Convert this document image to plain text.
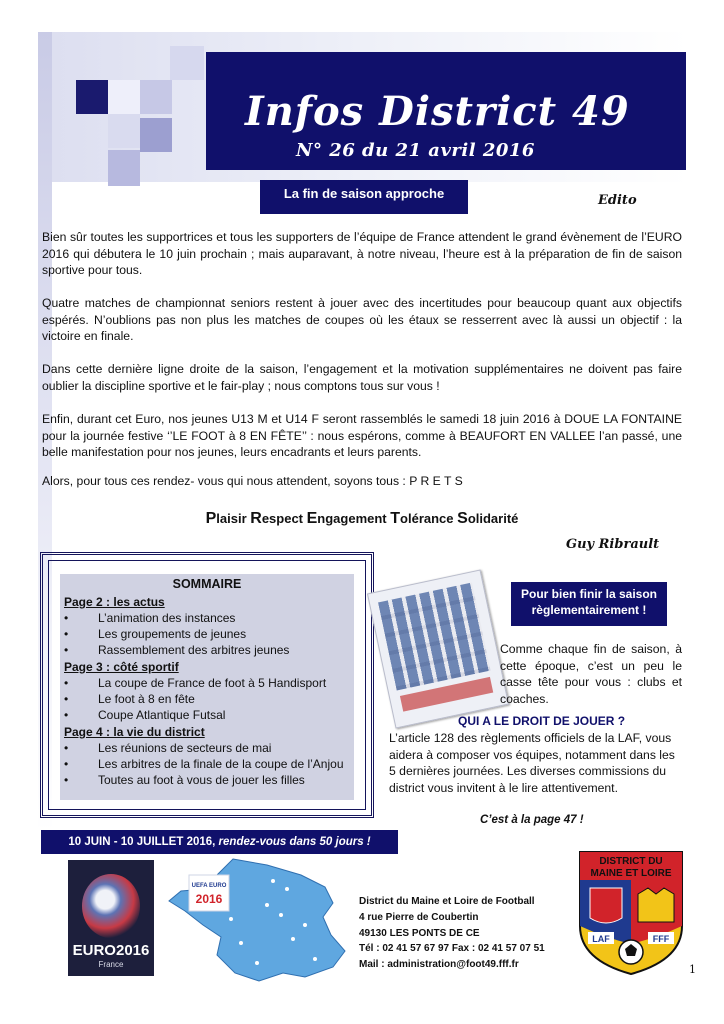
Infos District 49
N° 26 du 21 avril 2016
La fin de saison approche	Edito

Bien sûr toutes les supportrices et tous les supporters de l’équipe de France attendent le grand évènement de l’EURO 2016 qui débutera le 10 juin prochain ; mais auparavant, à notre niveau, l’heure est à la préparation de fin de saison sportive pour tous.

Quatre matches de championnat seniors restent à jouer avec des incertitudes pour beaucoup quant aux objectifs espérés. N’oublions pas non plus les matches de coupes où les étaux se resserrent avec là aussi un objectif : la victoire en finale.

Dans cette dernière ligne droite de la saison, l’engagement et la motivation supplémentaires ne doivent pas faire oublier la discipline sportive et le fair-play ; nous comptons tous sur vous !

Enfin, durant cet Euro, nos jeunes U13 M et U14 F seront rassemblés le samedi 18 juin 2016 à DOUE LA FONTAINE pour la journée festive ‘’LE FOOT à 8 EN FÊTE’’ : nous espérons, comme à BEAUFORT EN VALLEE l’an passé, une belle manifestation pour nos jeunes, leurs encadrants et leurs parents.

Alors, pour tous ces rendez- vous qui nous attendent, soyons tous : P R E T S

Plaisir Respect Engagement Tolérance Solidarité
Guy Ribrault
SOMMAIRE
Page 2 : les actus
L’animation des instances
Les groupements de jeunes
Rassemblement des arbitres jeunes
Page 3 : côté sportif
La coupe de France de foot à 5 Handisport
Le foot à 8 en fête
Coupe Atlantique Futsal
Page 4 : la vie du district
Les réunions de secteurs de mai
Les arbitres de la finale de la coupe de l’Anjou
Toutes au foot à vous de jouer les filles
Pour bien finir la saison règlementairement !

Comme chaque fin de saison, à cette époque, c’est un peu le casse tête pour vous : clubs et coaches.

QUI A LE DROIT DE JOUER ?

L’article 128 des règlements officiels de la LAF, vous aidera à composer vos équipes, notamment dans les 5 dernières journées. Les diverses commissions du district vous invitent à le lire attentivement.

C’est à la page 47 !
10 JUIN - 10 JUILLET 2016, rendez-vous dans 50 jours !
EURO2016
France
UEFA EURO
2016	District du Maine et Loire de Football
4 rue Pierre de Coubertin
49130 LES PONTS DE CE
Tél : 02 41 57 67 97 Fax : 02 41 57 07 51
Mail : administration@foot49.fff.fr
DISTRICT DU
MAINE ET LOIRE
LAF	FFF
1
